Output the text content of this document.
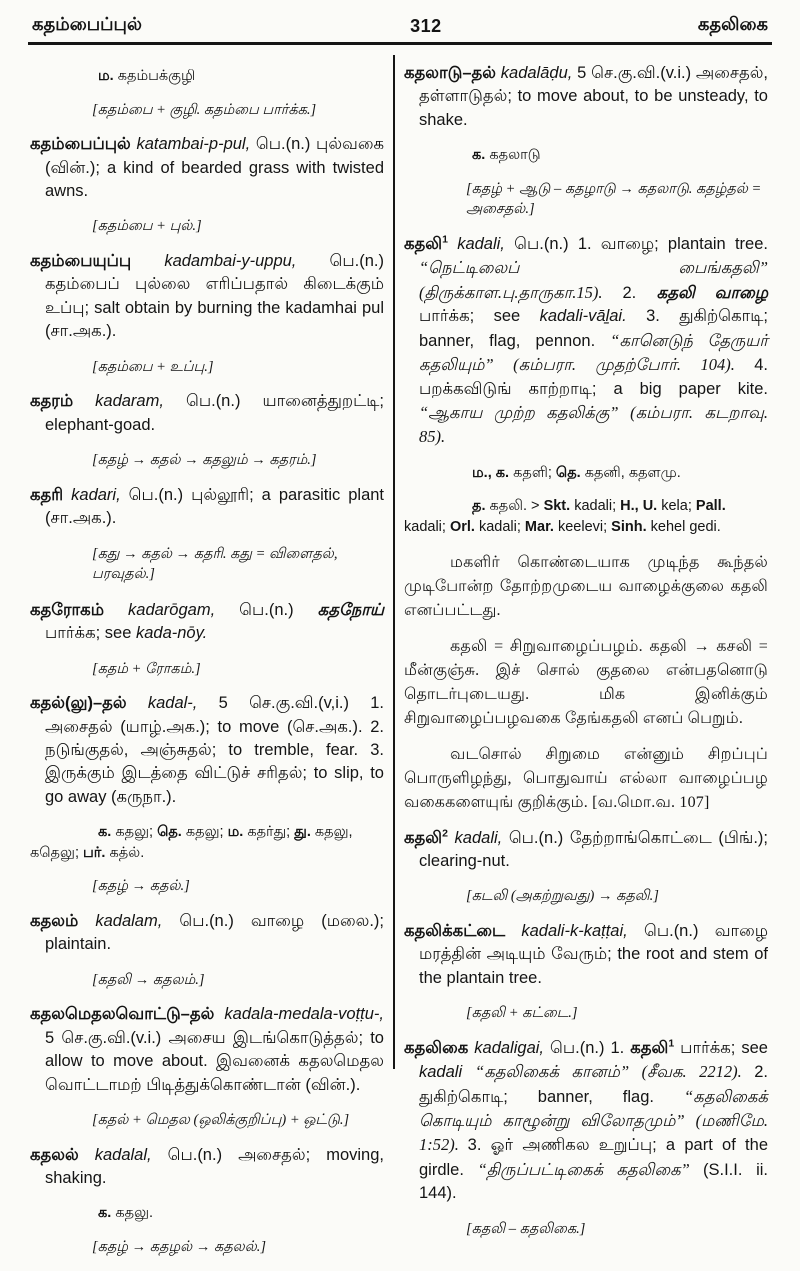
கதம்பைப்புல்	312	கதலிகை
ம. கதம்பக்குழி
[கதம்பை + குழி. கதம்பை பார்க்க.]
கதம்பைப்புல் katambai-p-pul, பெ.(n.) புல்வகை (வின்.); a kind of bearded grass with twisted awns.
[கதம்பை + புல்.]
கதம்பையுப்பு kadambai-y-uppu, பெ.(n.) கதம்பைப் புல்லை எரிப்பதால் கிடைக்கும் உப்பு; salt obtain by burning the kadamhai pul (சா.அக.).
[கதம்பை + உப்பு.]
கதரம் kadaram, பெ.(n.) யானைத்துறட்டி; elephant-goad.
[கதழ் → கதல் → கதலும் → கதரம்.]
கதரி kadari, பெ.(n.) புல்லூரி; a parasitic plant (சா.அக.).
[கது → கதல் → கதரி. கது = விளைதல், பரவுதல்.]
கதரோகம் kadarōgam, பெ.(n.) கதநோய் பார்க்க; see kada-nōy.
[கதம் + ரோகம்.]
கதல்(லு)–தல் kadal-, 5 செ.கு.வி.(v,i.) 1. அசைதல் (யாழ்.அக.); to move (செ.அக.). 2. நடுங்குதல், அஞ்சுதல்; to tremble, fear. 3. இருக்கும் இடத்தை விட்டுச் சரிதல்; to slip, to go away (கருநா.).
க. கதலு; தெ. கதலு; ம. கதர்து; து. கதலு, கதெலு; பர். கத்ல்.
[கதழ் → கதல்.]
கதலம் kadalam, பெ.(n.) வாழை (மலை.); plaintain.
[கதலி → கதலம்.]
கதலமெதலவொட்டு–தல் kadala-medala-voṭṭu-, 5 செ.கு.வி.(v.i.) அசைய இடங்கொடுத்தல்; to allow to move about. இவனைக் கதலமெதல வொட்டாமற் பிடித்துக்கொண்டான் (வின்.).
[கதல் + மெதல (ஒலிக்குறிப்பு) + ஒட்டு.]
கதலல் kadalal, பெ.(n.) அசைதல்; moving, shaking.
க. கதலு.
[கதழ் → கதழல் → கதலல்.]
கதலாடு–தல் kadalāḍu, 5 செ.கு.வி.(v.i.) அசைதல், தள்ளாடுதல்; to move about, to be unsteady, to shake.
க. கதலாடு
[கதழ் + ஆடு – கதழாடு → கதலாடு. கதழ்தல் = அசைதல்.]
கதலி$^1$ kadali, பெ.(n.) 1. வாழை; plantain tree. “நெட்டிலைப் பைங்கதலி” (திருக்காள.பு.தாருகா.15). 2. கதலி வாழை பார்க்க; see kadali-vāḻai. 3. துகிற்கொடி; banner, flag, pennon. “கானெடுந் தேருயர் கதலியும்” (கம்பரா. முதற்போர். 104). 4. பறக்கவிடுங் காற்றாடி; a big paper kite. “ஆகாய முற்ற கதலிக்கு” (கம்பரா. கடறாவு. 85).
ம., க. கதளி; தெ. கதனி, கதளமு.
த. கதலி. > Skt. kadali; H., U. kela; Pall. kadali; Orl. kadali; Mar. keelevi; Sinh. kehel gedi.
மகளிர் கொண்டையாக முடிந்த கூந்தல் முடிபோன்ற தோற்றமுடைய வாழைக்குலை கதலி எனப்பட்டது.
கதலி = சிறுவாழைப்பழம். கதலி → கசலி = மீன்குஞ்சு. இச் சொல் குதலை என்பதனொடு தொடர்புடையது. மிக இனிக்கும் சிறுவாழைப்பழவகை தேங்கதலி எனப் பெறும்.
வடசொல் சிறுமை என்னும் சிறப்புப் பொருளிழந்து, பொதுவாய் எல்லா வாழைப்பழ வகைகளையுங் குறிக்கும். [வ.மொ.வ. 107]
கதலி$^2$ kadali, பெ.(n.) தேற்றாங்கொட்டை (பிங்.); clearing-nut.
[கடலி (அகற்றுவது) → கதலி.]
கதலிக்கட்டை kadali-k-kaṭṭai, பெ.(n.) வாழை மரத்தின் அடியும் வேரும்; the root and stem of the plantain tree.
[கதலி + கட்டை.]
கதலிகை kadaligai, பெ.(n.) 1. கதலி$^1$ பார்க்க; see kadali “கதலிகைக் கானம்” (சீவக. 2212). 2. துகிற்கொடி; banner, flag. “கதலிகைக் கொடியும் காழூன்று விலோதமும்” (மணிமே. 1:52). 3. ஓர் அணிகல உறுப்பு; a part of the girdle. “திருப்பட்டிகைக் கதலிகை” (S.I.I. ii. 144).
[கதலி – கதலிகை.]
